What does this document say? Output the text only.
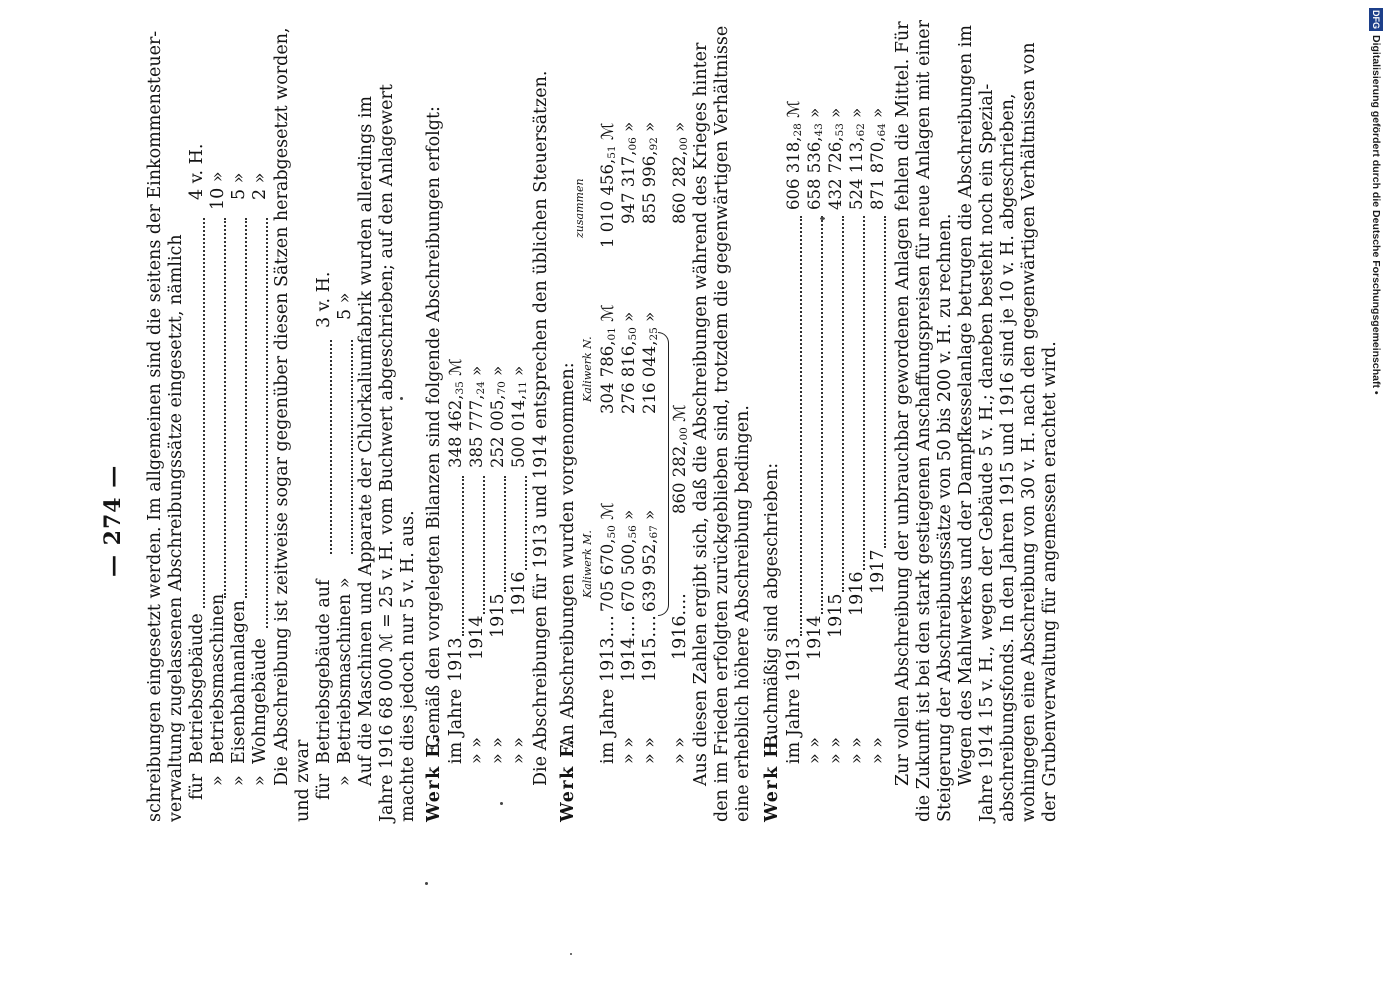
— 274 — schreibungen eingesetzt werden. Im allgemeinen sind die seitens der Einkommensteuer- verwaltung zugelassenen Abschreibungssätze eingesetzt, nämlich für
Betriebsgebäude
4 v. H.
»
Betriebsmaschinen
10 »
»
Eisenbahnanlagen
5 »
»
Wohngebäude
2 » Die Abschreibung ist zeitweise sogar gegenüber diesen Sätzen herabgesetzt worden, und zwar für
Betriebsgebäude auf
3 v. H.
»
Betriebsmaschinen »
5 » Auf die Maschinen und Apparate der Chlorkaliumfabrik wurden allerdings im Jahre 1916 68 000 ℳ = 25 v. H. vom Buchwert abgeschrieben; auf den Anlagewert machte dies jedoch nur 5 v. H. aus. Werk E.
Gemäß den vorgelegten Bilanzen sind folgende Abschreibungen erfolgt: im Jahre
1913
348 $462,_{35}$ ℳ
» »
1914
385 $777,_{24}$ »
» »
1915
252 $005,_{70}$ »
» »
1916
500 $014,_{11}$ » Die Abschreibungen für 1913 und 1914 entsprechen den üblichen Steuersätzen. Werk F.
An Abschreibungen wurden vorgenommen: Kaliwerk M.
Kaliwerk N.
zusammen
im Jahre
1913....
705 $670,_{50}$ ℳ
304 $786,_{01}$ ℳ
1 010 $456,_{51}$ ℳ
» »
1914....
670 $500,_{56}$ »
276 $816,_{50}$ »
947 $317,_{06}$ »
» »
1915....
639 $952,_{67}$ »
216 $044,_{25}$ »
855 $996,_{92}$ »
» »
1916....
860 $282,_{00}$ ℳ
860 $282,_{00}$ » Aus diesen Zahlen ergibt sich, daß die Abschreibungen während des Krieges hinter den im Frieden erfolgten zurückgeblieben sind, trotzdem die gegenwärtigen Verhältnisse eine erheblich höhere Abschreibung bedingen. Werk H.
Buchmäßig sind abgeschrieben: im Jahre
1913
606 $318,_{28}$ ℳ
» »
1914
658 $536,_{43}$ »
» »
1915
432 $726,_{53}$ »
» »
1916
524 $113,_{62}$ »
» »
1917
871 $870,_{64}$ » Zur vollen Abschreibung der unbrauchbar gewordenen Anlagen fehlen die Mittel. Für die Zukunft ist bei den stark gestiegenen Anschaffungspreisen für neue Anlagen mit einer Steigerung der Abschreibungssätze von 50 bis 200 v. H. zu rechnen. Wegen des Mahlwerkes und der Dampfkesselanlage betrugen die Abschreibungen im Jahre 1914 15 v. H., wegen der Gebäude 5 v. H.; daneben besteht noch ein Spezial- abschreibungsfonds. In den Jahren 1915 und 1916 sind je 10 v. H. abgeschrieben, wohingegen eine Abschreibung von 30 v. H. nach den gegenwärtigen Verhältnissen von der Grubenverwaltung für angemessen erachtet wird.
DFGDigitalisierung gefördert durch die Deutsche Forschungsgemeinschaft •
